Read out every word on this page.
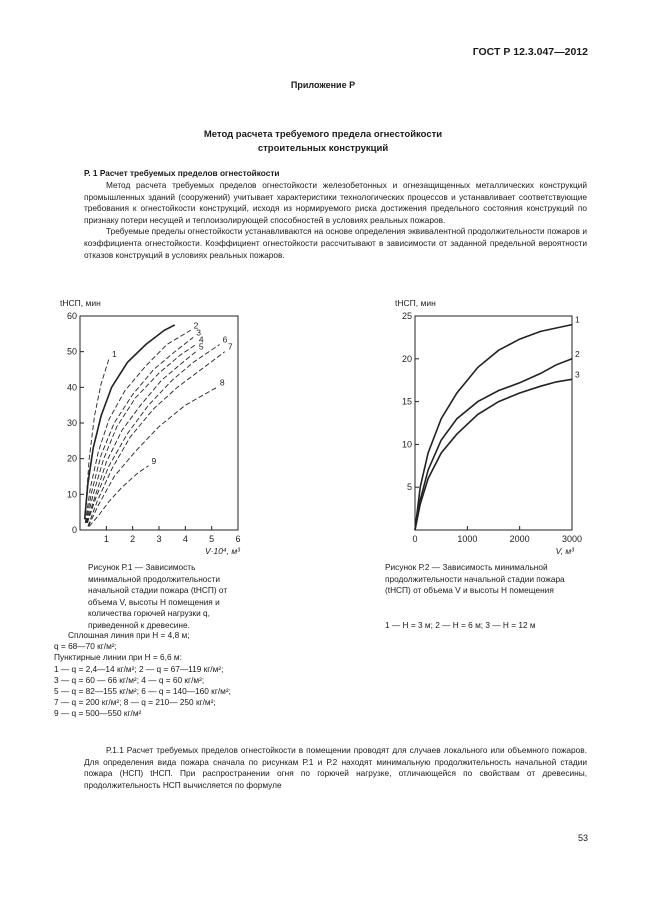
ГОСТ Р 12.3.047—2012
Приложение Р
Метод расчета требуемого предела огнестойкости
строительных конструкций
Р. 1 Расчет требуемых пределов огнестойкости

Метод расчета требуемых пределов огнестойкости железобетонных и огнезащищенных металлических конструкций промышленных зданий (сооружений) учитывает характеристики технологических процессов и устанавливает соответствующие требования к огнестойкости конструкций, исходя из нормируемого риска достижения предельного состояния конструкций по признаку потери несущей и теплоизолирующей способностей в условиях реальных пожаров.

Требуемые пределы огнестойкости устанавливаются на основе определения эквивалентной продолжительности пожаров и коэффициента огнестойкости. Коэффициент огнестойкости рассчитывают в зависимости от заданной предельной вероятности отказов конструкций в условиях реальных пожаров.

0
10
20
30
40
50
60
1 2 3 4 5 6
tНСП, мин
V·10⁴, м³
1
2
3
4
5
6
7
8
9
5
10
15
20
25
0	1000	2000	3000
tНСП, мин
V, м³
1
2
3
Рисунок Р.1 — Зависимость минимальной продолжительности начальной стадии пожара (tНСП) от объема V, высоты H помещения и количества горючей нагрузки q, приведенной к древесине.
Сплошная линия при H = 4,8 м;
q = 68—70 кг/м²;
Пунктирные линии при H = 6,6 м:
1 — q = 2,4—14 кг/м²; 2 — q = 67—119 кг/м²;
3 — q = 60 — 66 кг/м²; 4 — q = 60 кг/м²;
5 — q = 82—155 кг/м²; 6 — q = 140—160 кг/м²;
7 — q = 200 кг/м²; 8 — q = 210— 250 кг/м²;
9 — q = 500—550 кг/м²
Рисунок Р.2 — Зависимость минимальной продолжительности начальной стадии пожара (tНСП) от объема V и высоты H помещения
1 — H = 3 м; 2 — H = 6 м; 3 — H = 12 м

Р.1.1 Расчет требуемых пределов огнестойкости в помещении проводят для случаев локального или объемного пожаров. Для определения вида пожара сначала по рисункам Р.1 и Р.2 находят минимальную продолжительность начальной стадии пожара (НСП) tНСП. При распространении огня по горючей нагрузке, отличающейся по свойствам от древесины, продолжительность НСП вычисляется по формуле

53
